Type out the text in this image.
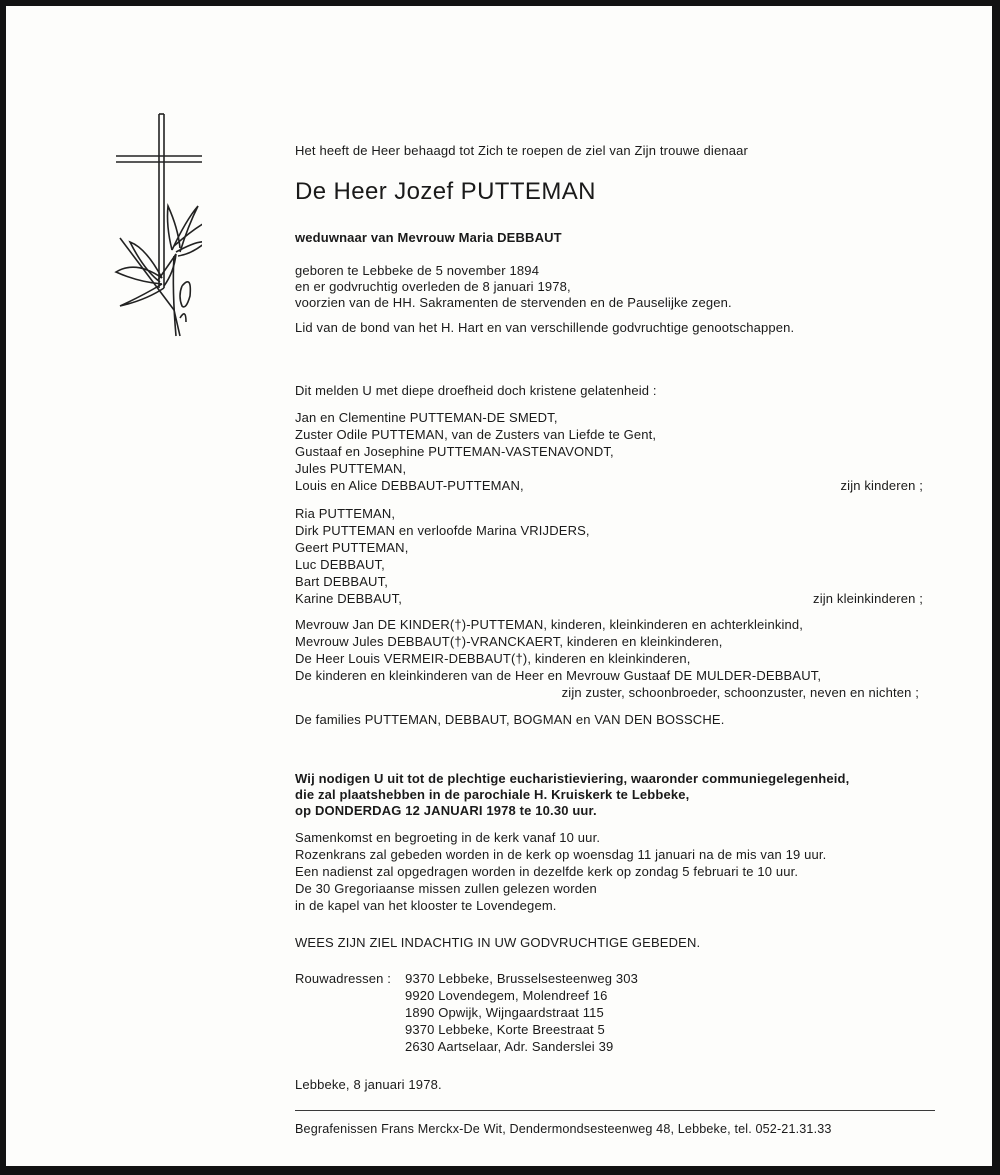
Het heeft de Heer behaagd tot Zich te roepen de ziel van Zijn trouwe dienaar
De Heer Jozef PUTTEMAN
weduwnaar van Mevrouw Maria DEBBAUT
geboren te Lebbeke de 5 november 1894
en er godvruchtig overleden de 8 januari 1978,
voorzien van de HH. Sakramenten de stervenden en de Pauselijke zegen.
Lid van de bond van het H. Hart en van verschillende godvruchtige genootschappen.
Dit melden U met diepe droefheid doch kristene gelatenheid :
Jan en Clementine PUTTEMAN-DE SMEDT,
Zuster Odile PUTTEMAN, van de Zusters van Liefde te Gent,
Gustaaf en Josephine PUTTEMAN-VASTENAVONDT,
Jules PUTTEMAN,
Louis en Alice DEBBAUT-PUTTEMAN,	zijn kinderen ;
Ria PUTTEMAN,
Dirk PUTTEMAN en verloofde Marina VRIJDERS,
Geert PUTTEMAN,
Luc DEBBAUT,
Bart DEBBAUT,
Karine DEBBAUT,	zijn kleinkinderen ;
Mevrouw Jan DE KINDER(†)-PUTTEMAN, kinderen, kleinkinderen en achterkleinkind,
Mevrouw Jules DEBBAUT(†)-VRANCKAERT, kinderen en kleinkinderen,
De Heer Louis VERMEIR-DEBBAUT(†), kinderen en kleinkinderen,
De kinderen en kleinkinderen van de Heer en Mevrouw Gustaaf DE MULDER-DEBBAUT,
zijn zuster, schoonbroeder, schoonzuster, neven en nichten ;
De families PUTTEMAN, DEBBAUT, BOGMAN en VAN DEN BOSSCHE.
Wij nodigen U uit tot de plechtige eucharistieviering, waaronder communiegelegenheid,
die zal plaatshebben in de parochiale H. Kruiskerk te Lebbeke,
op DONDERDAG 12 JANUARI 1978 te 10.30 uur.
Samenkomst en begroeting in de kerk vanaf 10 uur.
Rozenkrans zal gebeden worden in de kerk op woensdag 11 januari na de mis van 19 uur.
Een nadienst zal opgedragen worden in dezelfde kerk op zondag 5 februari te 10 uur.
De 30 Gregoriaanse missen zullen gelezen worden
in de kapel van het klooster te Lovendegem.
WEES ZIJN ZIEL INDACHTIG IN UW GODVRUCHTIGE GEBEDEN.
Rouwadressen :	9370 Lebbeke, Brusselsesteenweg 303
9920 Lovendegem, Molendreef 16
1890 Opwijk, Wijngaardstraat 115
9370 Lebbeke, Korte Breestraat 5
2630 Aartselaar, Adr. Sanderslei 39
Lebbeke, 8 januari 1978.
Begrafenissen Frans Merckx-De Wit, Dendermondsesteenweg 48, Lebbeke, tel. 052-21.31.33
